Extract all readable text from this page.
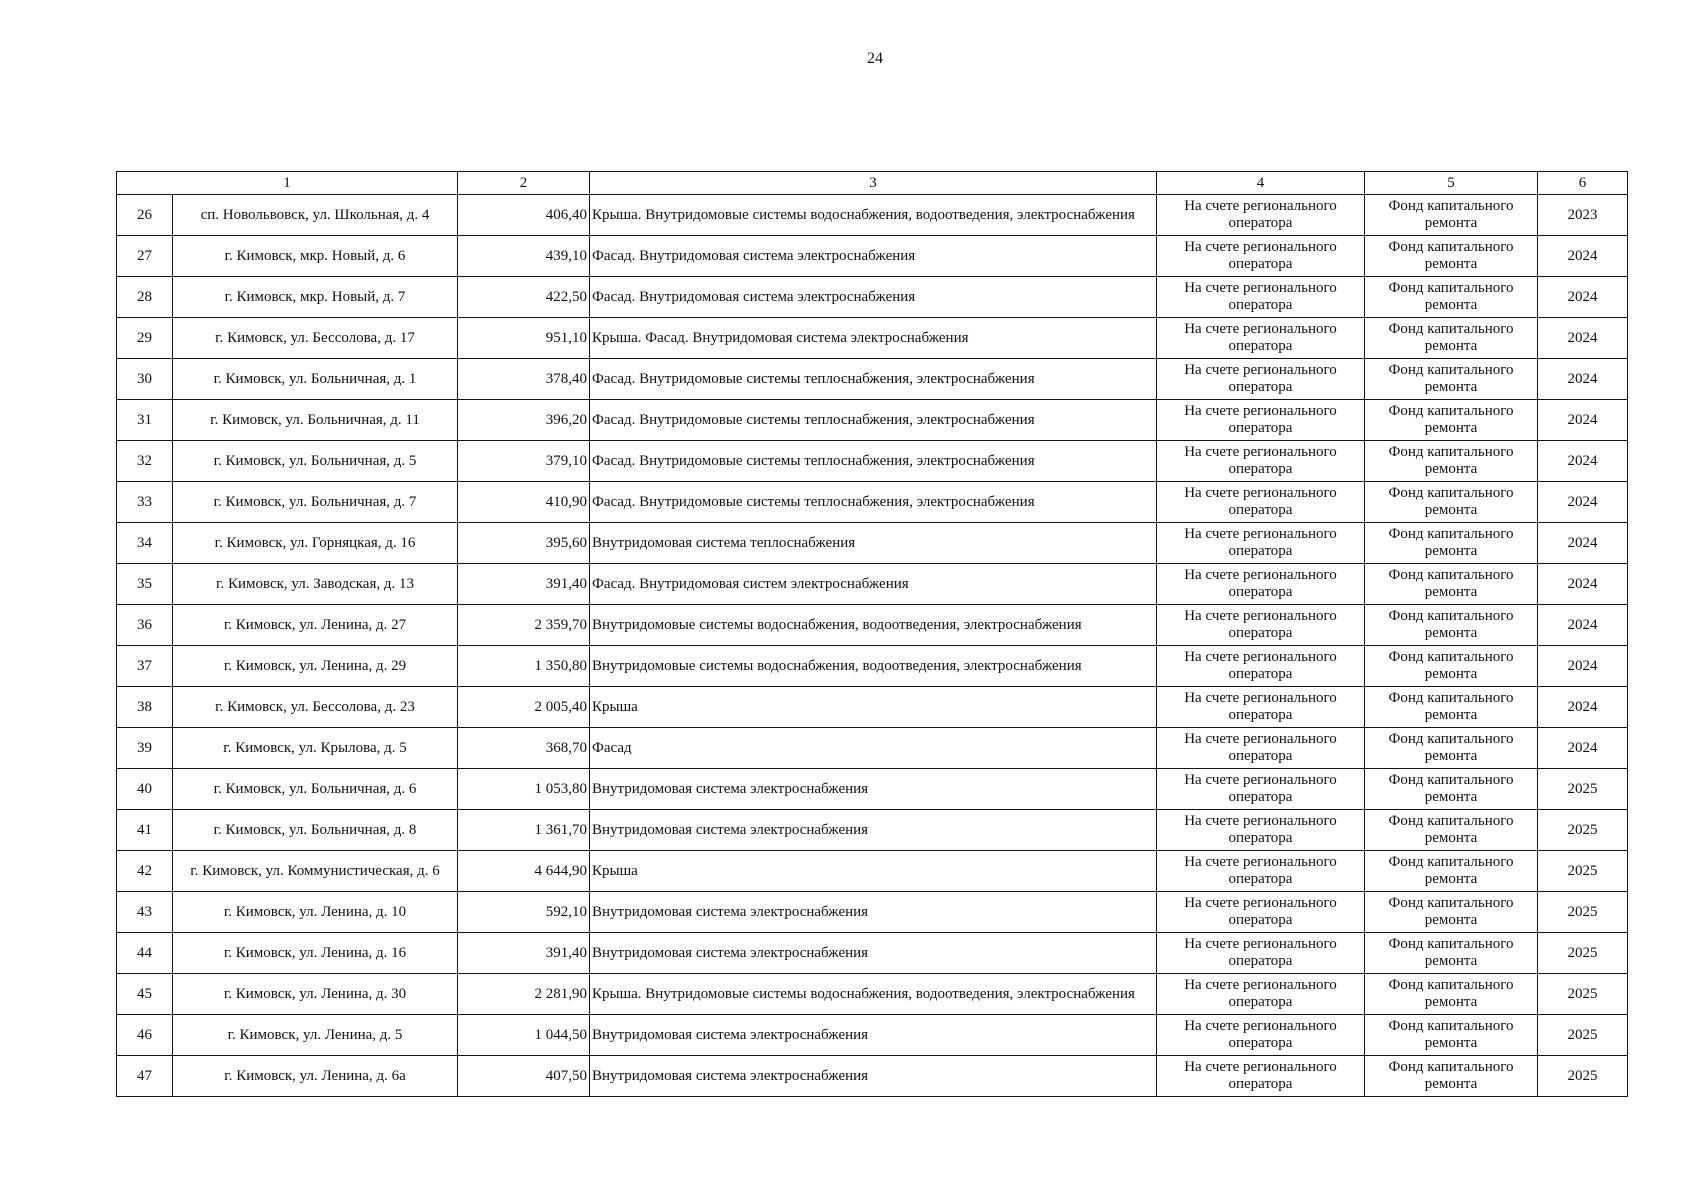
24
1		2	3	4	5	6
26	сп. Новольвовск, ул. Школьная, д. 4	406,40	Крыша. Внутридомовые системы водоснабжения, водоотведения, электроснабжения	На счете регионального оператора	Фонд капитального ремонта	2023
27	г. Кимовск, мкр. Новый, д. 6	439,10	Фасад. Внутридомовая система электроснабжения	На счете регионального оператора	Фонд капитального ремонта	2024
28	г. Кимовск, мкр. Новый, д. 7	422,50	Фасад. Внутридомовая система электроснабжения	На счете регионального оператора	Фонд капитального ремонта	2024
29	г. Кимовск, ул. Бессолова, д. 17	951,10	Крыша. Фасад. Внутридомовая система электроснабжения	На счете регионального оператора	Фонд капитального ремонта	2024
30	г. Кимовск, ул. Больничная, д. 1	378,40	Фасад. Внутридомовые системы теплоснабжения, электроснабжения	На счете регионального оператора	Фонд капитального ремонта	2024
31	г. Кимовск, ул. Больничная, д. 11	396,20	Фасад. Внутридомовые системы теплоснабжения, электроснабжения	На счете регионального оператора	Фонд капитального ремонта	2024
32	г. Кимовск, ул. Больничная, д. 5	379,10	Фасад. Внутридомовые системы теплоснабжения, электроснабжения	На счете регионального оператора	Фонд капитального ремонта	2024
33	г. Кимовск, ул. Больничная, д. 7	410,90	Фасад. Внутридомовые системы теплоснабжения, электроснабжения	На счете регионального оператора	Фонд капитального ремонта	2024
34	г. Кимовск, ул. Горняцкая, д. 16	395,60	Внутридомовая система теплоснабжения	На счете регионального оператора	Фонд капитального ремонта	2024
35	г. Кимовск, ул. Заводская, д. 13	391,40	Фасад. Внутридомовая систем электроснабжения	На счете регионального оператора	Фонд капитального ремонта	2024
36	г. Кимовск, ул. Ленина, д. 27	2 359,70	Внутридомовые системы водоснабжения, водоотведения, электроснабжения	На счете регионального оператора	Фонд капитального ремонта	2024
37	г. Кимовск, ул. Ленина, д. 29	1 350,80	Внутридомовые системы водоснабжения, водоотведения, электроснабжения	На счете регионального оператора	Фонд капитального ремонта	2024
38	г. Кимовск, ул. Бессолова, д. 23	2 005,40	Крыша	На счете регионального оператора	Фонд капитального ремонта	2024
39	г. Кимовск, ул. Крылова, д. 5	368,70	Фасад	На счете регионального оператора	Фонд капитального ремонта	2024
40	г. Кимовск, ул. Больничная, д. 6	1 053,80	Внутридомовая система электроснабжения	На счете регионального оператора	Фонд капитального ремонта	2025
41	г. Кимовск, ул. Больничная, д. 8	1 361,70	Внутридомовая система электроснабжения	На счете регионального оператора	Фонд капитального ремонта	2025
42	г. Кимовск, ул. Коммунистическая, д. 6	4 644,90	Крыша	На счете регионального оператора	Фонд капитального ремонта	2025
43	г. Кимовск, ул. Ленина, д. 10	592,10	Внутридомовая система электроснабжения	На счете регионального оператора	Фонд капитального ремонта	2025
44	г. Кимовск, ул. Ленина, д. 16	391,40	Внутридомовая система электроснабжения	На счете регионального оператора	Фонд капитального ремонта	2025
45	г. Кимовск, ул. Ленина, д. 30	2 281,90	Крыша. Внутридомовые системы водоснабжения, водоотведения, электроснабжения	На счете регионального оператора	Фонд капитального ремонта	2025
46	г. Кимовск, ул. Ленина, д. 5	1 044,50	Внутридомовая система электроснабжения	На счете регионального оператора	Фонд капитального ремонта	2025
47	г. Кимовск, ул. Ленина, д. 6а	407,50	Внутридомовая система электроснабжения	На счете регионального оператора	Фонд капитального ремонта	2025
